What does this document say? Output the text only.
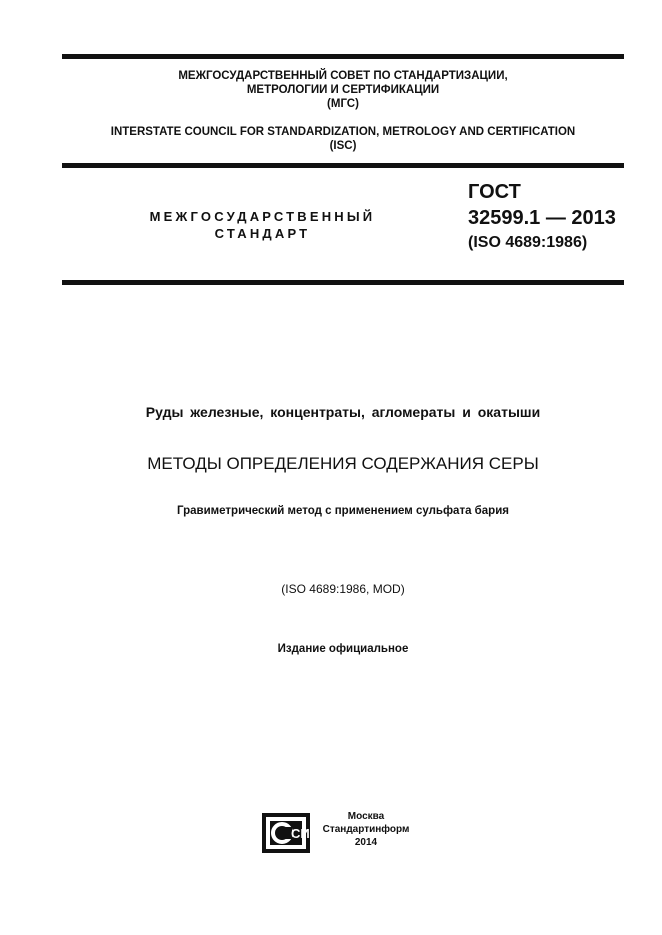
МЕЖГОСУДАРСТВЕННЫЙ СОВЕТ ПО СТАНДАРТИЗАЦИИ,
МЕТРОЛОГИИ И СЕРТИФИКАЦИИ
(МГС)
INTERSTATE COUNCIL FOR STANDARDIZATION, METROLOGY AND CERTIFICATION
(ISC)
МЕЖГОСУДАРСТВЕННЫЙ
СТАНДАРТ
ГОСТ
32599.1 — 2013
(ISO 4689:1986)
Руды железные, концентраты, агломераты и окатыши
МЕТОДЫ ОПРЕДЕЛЕНИЯ СОДЕРЖАНИЯ СЕРЫ
Гравиметрический метод с применением сульфата бария
(ISO 4689:1986, MOD)
Издание официальное
СИ
Москва
Стандартинформ
2014
